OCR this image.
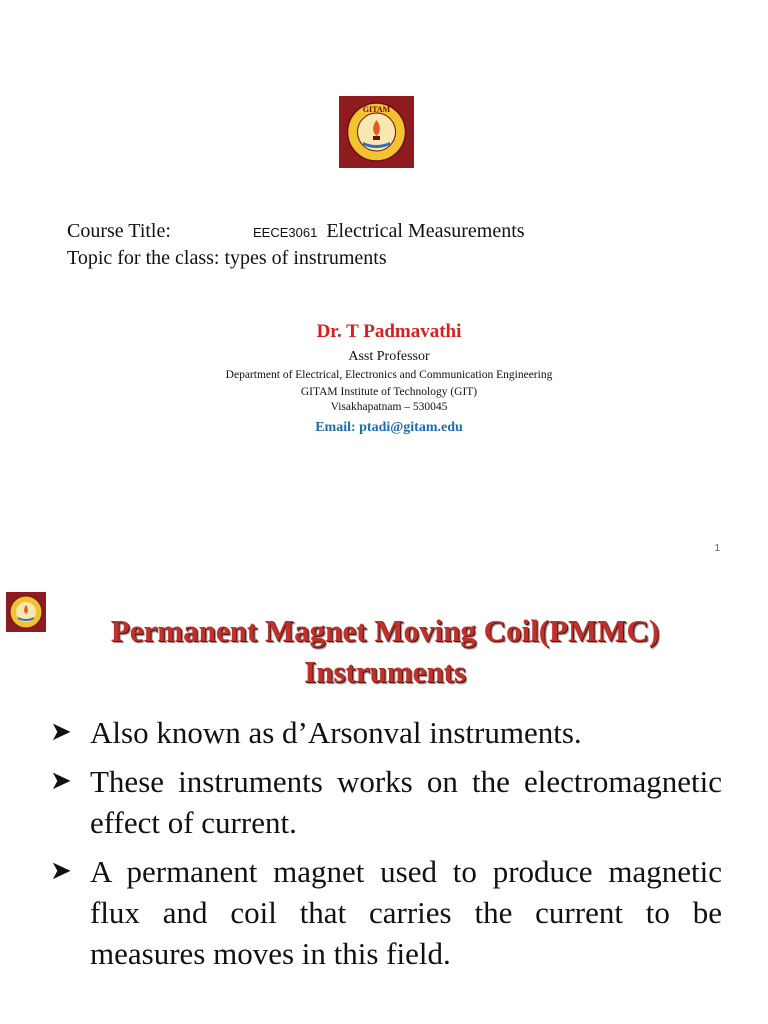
GITAM
Course Title:	EECE3061 Electrical Measurements
Topic for the class: types of instruments
Dr. T Padmavathi
Asst Professor
Department of Electrical, Electronics and Communication Engineering
GITAM Institute of Technology (GIT)
Visakhapatnam – 530045
Email: ptadi@gitam.edu
1
Permanent Magnet Moving Coil(PMMC)
Instruments
➤ Also known as d’Arsonval instruments.
➤ These instruments works on the electromagnetic effect of current.
➤ A permanent magnet used to produce magnetic flux and coil that carries the current to be measures moves in this field.
